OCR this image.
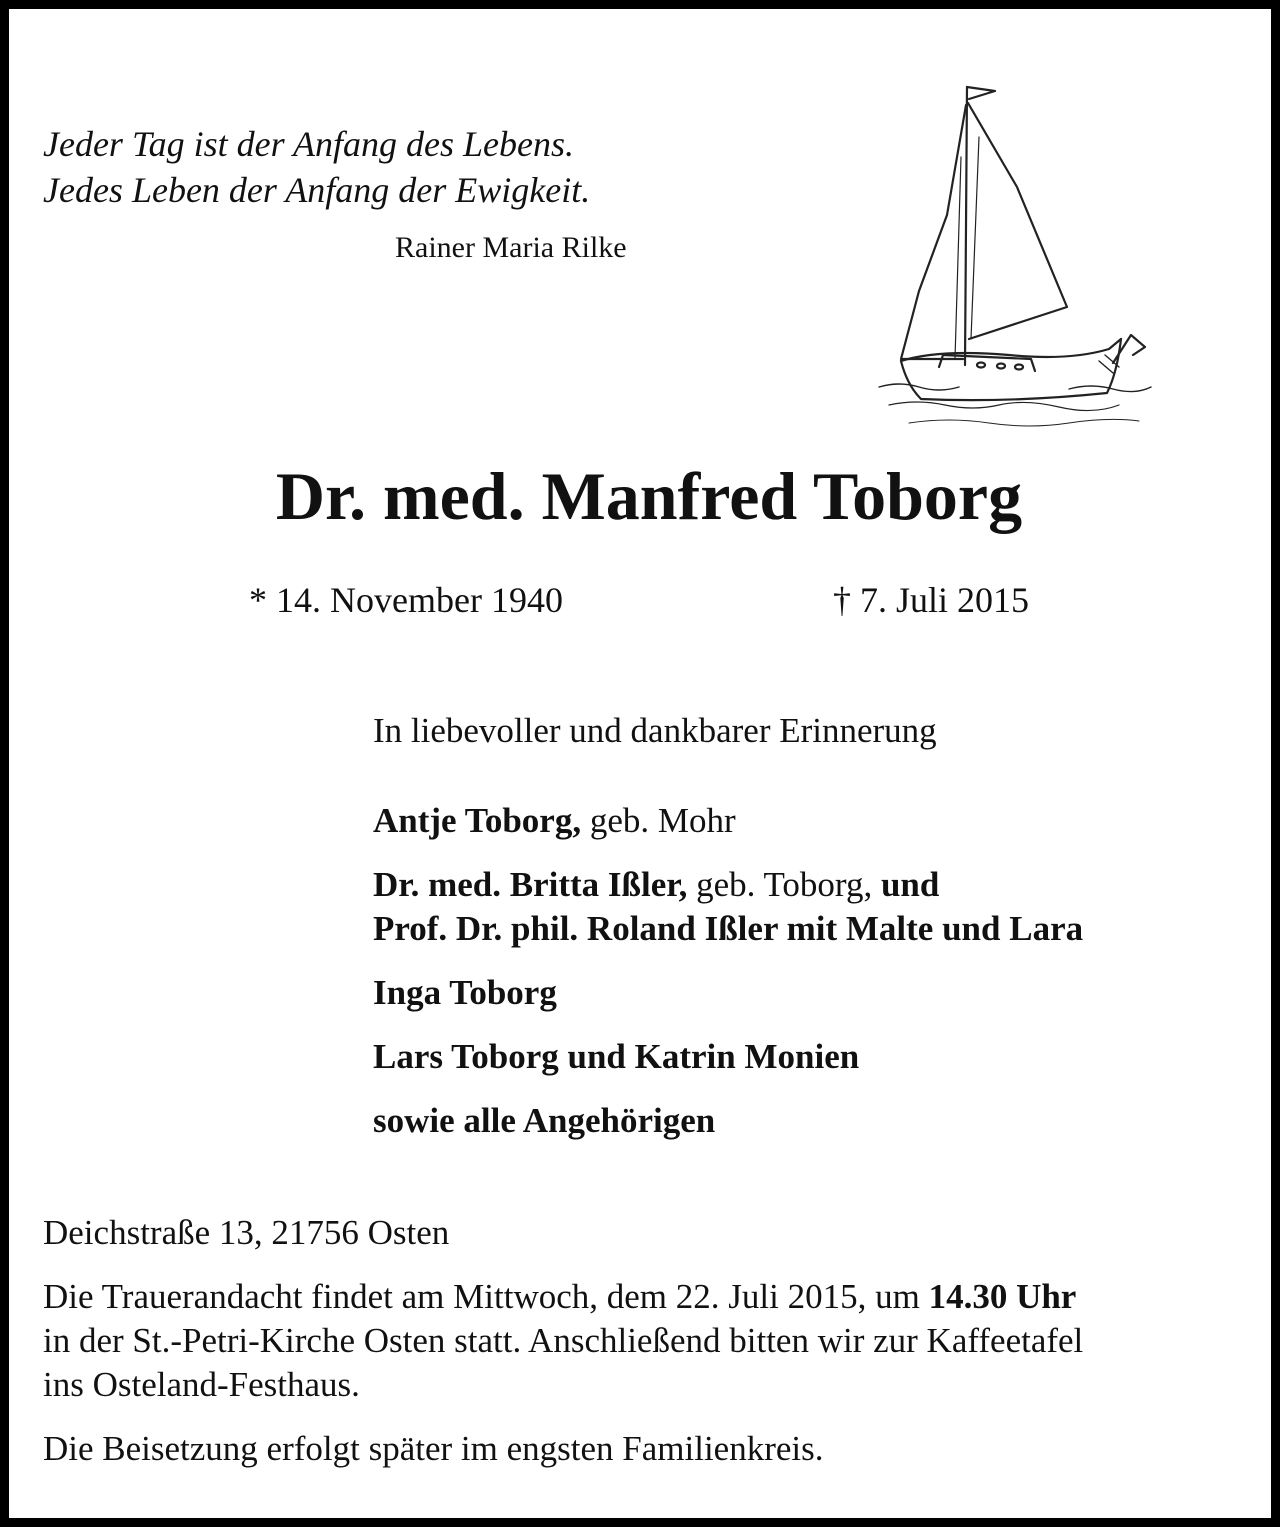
Jeder Tag ist der Anfang des Lebens.
Jedes Leben der Anfang der Ewigkeit.
Rainer Maria Rilke
Dr. med. Manfred Toborg
* 14. November 1940	† 7. Juli 2015
In liebevoller und dankbarer Erinnerung
Antje Toborg, geb. Mohr
Dr. med. Britta Ißler, geb. Toborg, und
Prof. Dr. phil. Roland Ißler mit Malte und Lara
Inga Toborg
Lars Toborg und Katrin Monien
sowie alle Angehörigen
Deichstraße 13, 21756 Osten
Die Trauerandacht findet am Mittwoch, dem 22. Juli 2015, um 14.30 Uhr
in der St.-Petri-Kirche Osten statt. Anschließend bitten wir zur Kaffeetafel
ins Osteland-Festhaus.
Die Beisetzung erfolgt später im engsten Familienkreis.
